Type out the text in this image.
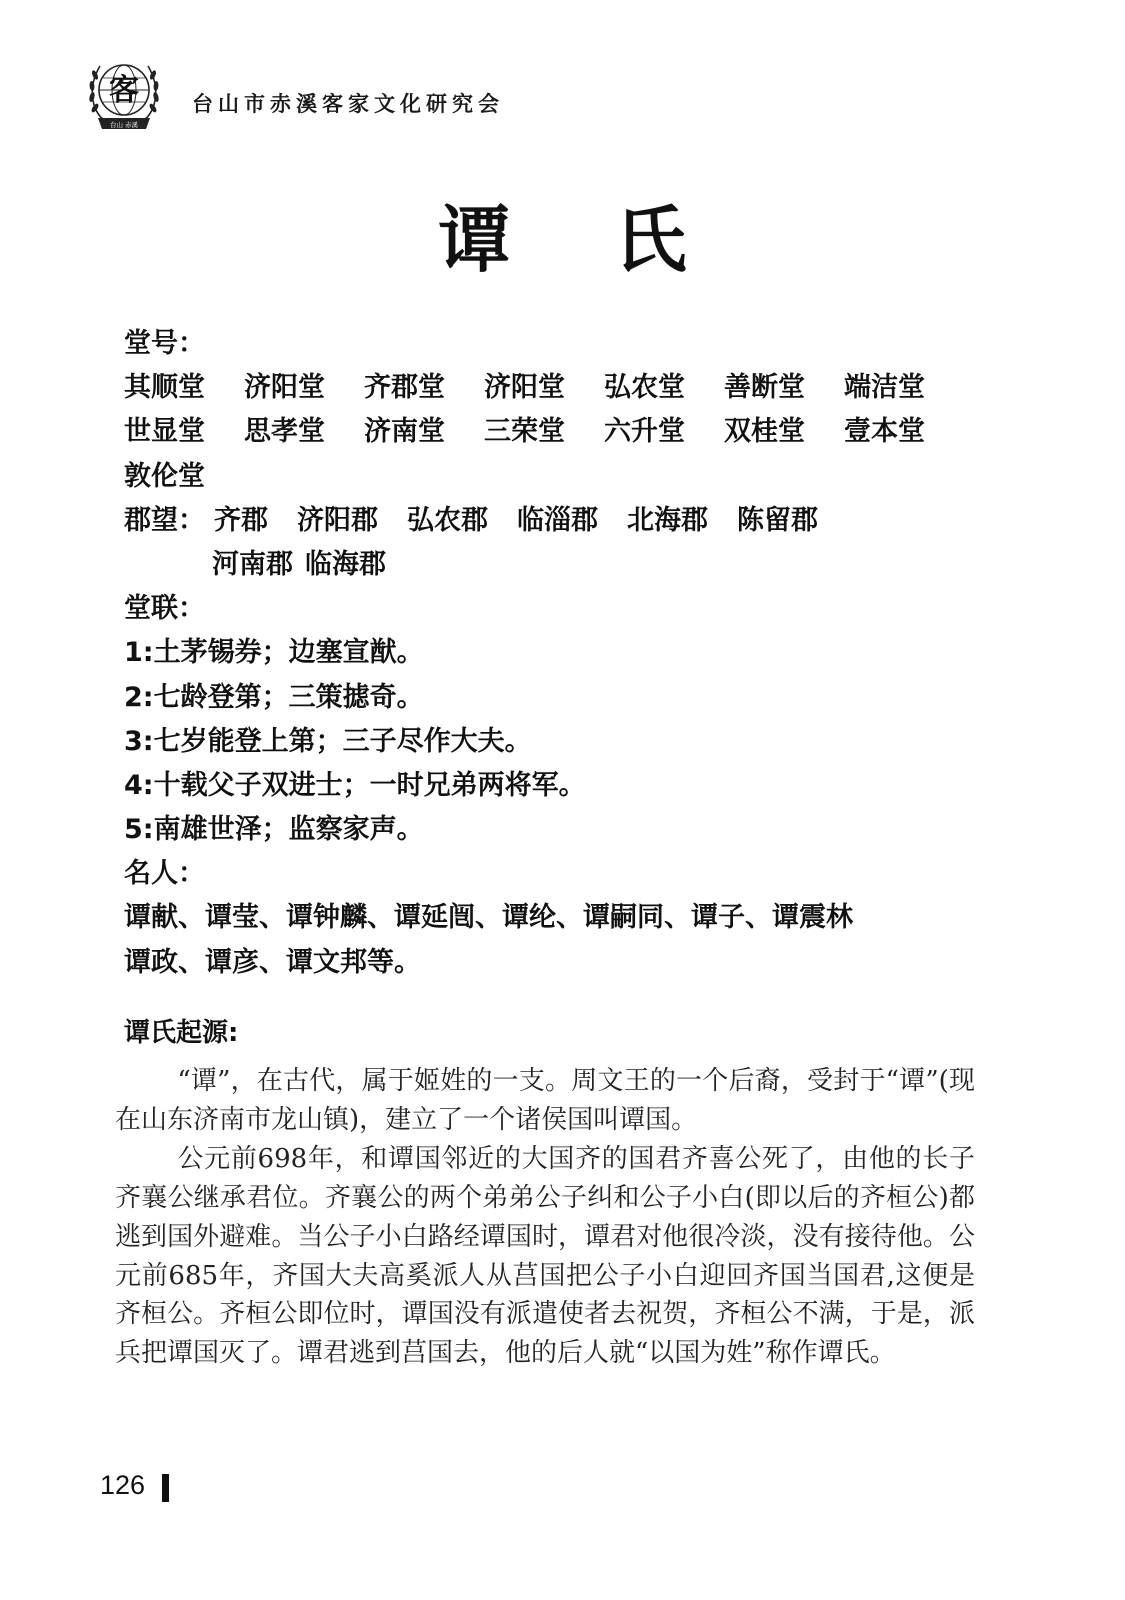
客
台山 赤溪
台山市赤溪客家文化研究会
谭 氏
堂号：
其顺堂 济阳堂 齐郡堂 济阳堂 弘农堂 善断堂 端洁堂
世显堂 思孝堂 济南堂 三荣堂 六升堂 双桂堂 壹本堂
敦伦堂
郡望： 齐郡 济阳郡 弘农郡 临淄郡 北海郡 陈留郡
河南郡 临海郡
堂联：
1:土茅锡券；边塞宣猷。
2:七龄登第；三策摅奇。
3:七岁能登上第；三子尽作大夫。
4:十载父子双进士；一时兄弟两将军。
5:南雄世泽；监察家声。
名人：
谭献、谭莹、谭钟麟、谭延闿、谭纶、谭嗣同、谭子、谭震林
谭政、谭彦、谭文邦等。
谭氏起源:

“谭”，在古代，属于姬姓的一支。周文王的一个后裔，受封于“谭”(现在山东济南市龙山镇)，建立了一个诸侯国叫谭国。

公元前698年，和谭国邻近的大国齐的国君齐喜公死了，由他的长子齐襄公继承君位。齐襄公的两个弟弟公子纠和公子小白(即以后的齐桓公)都逃到国外避难。当公子小白路经谭国时，谭君对他很冷淡，没有接待他。公元前685年，齐国大夫高奚派人从莒国把公子小白迎回齐国当国君,这便是齐桓公。齐桓公即位时，谭国没有派遣使者去祝贺，齐桓公不满，于是，派兵把谭国灭了。谭君逃到莒国去，他的后人就“以国为姓”称作谭氏。

126
